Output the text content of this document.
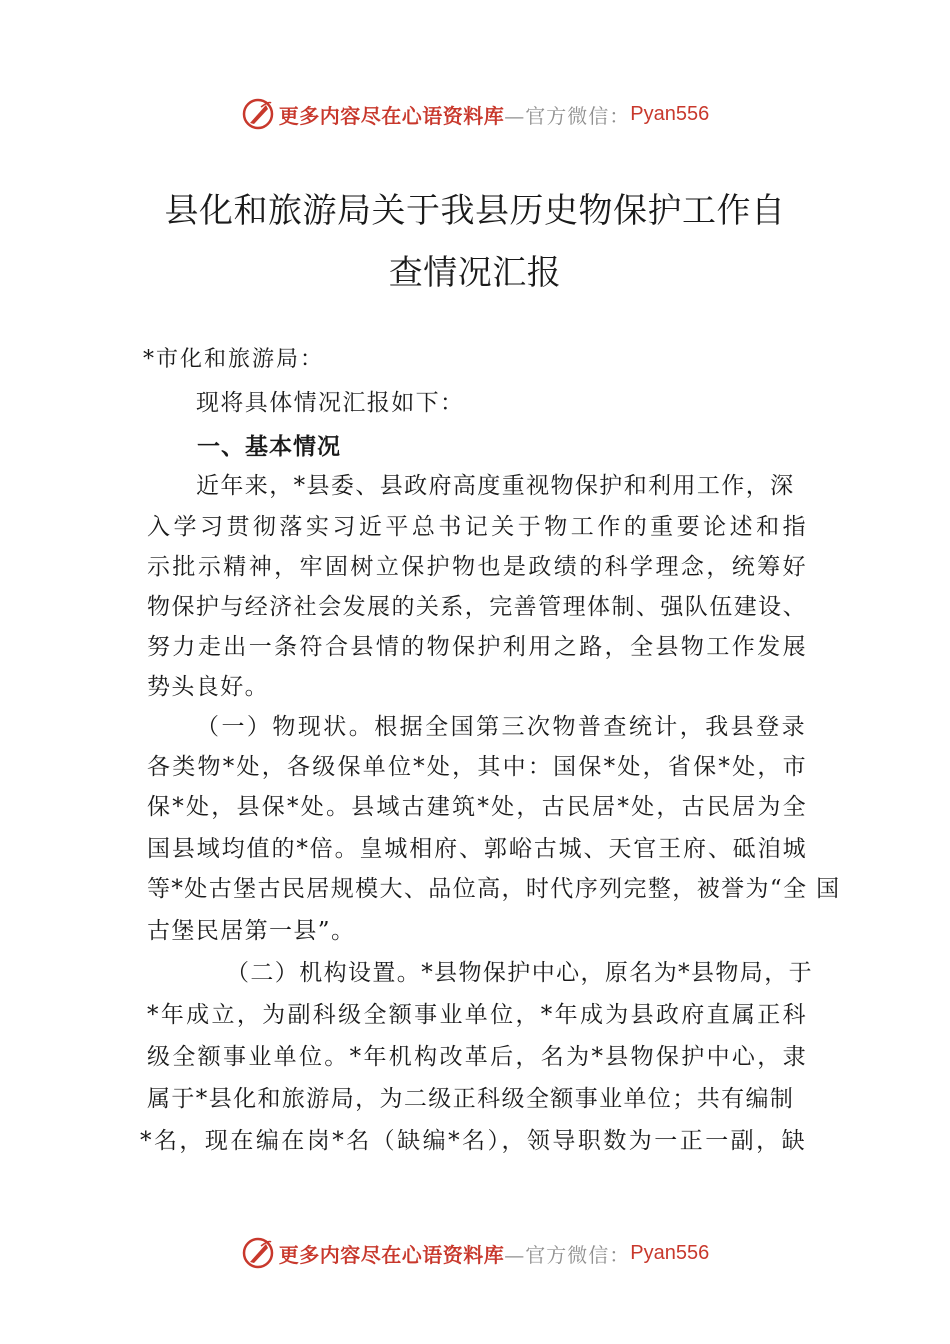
更多内容尽在心语资料库 —官方微信： Pyan556
县化和旅游局关于我县历史物保护工作自
查情况汇报
*市化和旅游局：
现将具体情况汇报如下：
一、基本情况
近年来，*县委、县政府高度重视物保护和利用工作，深
入学习贯彻落实习近平总书记关于物工作的重要论述和指
示批示精神，牢固树立保护物也是政绩的科学理念，统筹好
物保护与经济社会发展的关系，完善管理体制、强队伍建设、
努力走出一条符合县情的物保护利用之路，全县物工作发展
势头良好。
（一）物现状。根据全国第三次物普查统计，我县登录
各类物*处，各级保单位*处，其中：国保*处，省保*处，市
保*处，县保*处。县域古建筑*处，古民居*处，古民居为全
国县域均值的*倍。皇城相府、郭峪古城、天官王府、砥洎城
等*处古堡古民居规模大、品位高，时代序列完整，被誉为“全 国
古堡民居第一县”。
（二）机构设置。*县物保护中心，原名为*县物局，于
*年成立，为副科级全额事业单位，*年成为县政府直属正科
级全额事业单位。*年机构改革后，名为*县物保护中心，隶
属于*县化和旅游局，为二级正科级全额事业单位；共有编制
*名，现在编在岗*名（缺编*名），领导职数为一正一副，缺
更多内容尽在心语资料库 —官方微信： Pyan556
